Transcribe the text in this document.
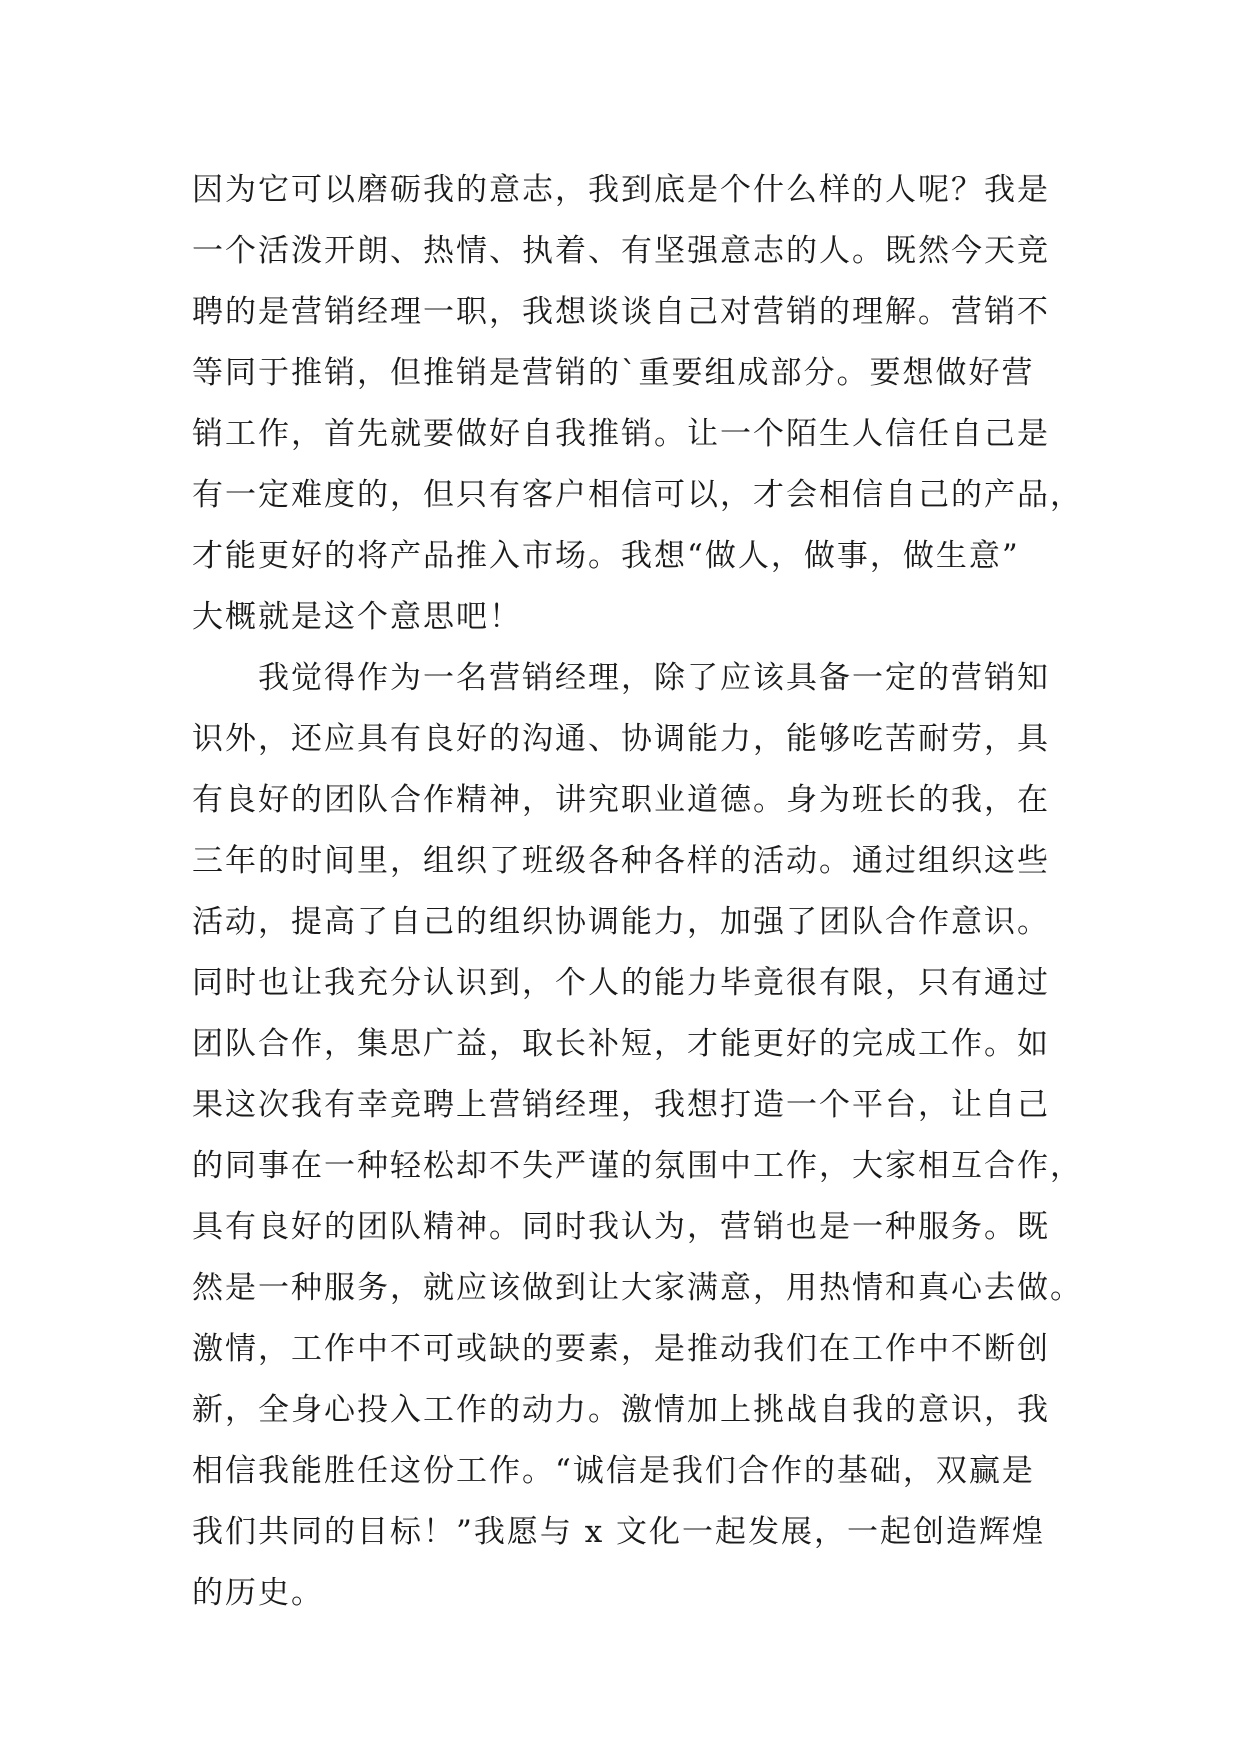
因为它可以磨砺我的意志，我到底是个什么样的人呢？我是
一个活泼开朗、热情、执着、有坚强意志的人。既然今天竞
聘的是营销经理一职，我想谈谈自己对营销的理解。营销不
等同于推销，但推销是营销的`重要组成部分。要想做好营
销工作，首先就要做好自我推销。让一个陌生人信任自己是
有一定难度的，但只有客户相信可以，才会相信自己的产品，
才能更好的将产品推入市场。我想“做人，做事，做生意”
大概就是这个意思吧！
　　我觉得作为一名营销经理，除了应该具备一定的营销知
识外，还应具有良好的沟通、协调能力，能够吃苦耐劳，具
有良好的团队合作精神，讲究职业道德。身为班长的我，在
三年的时间里，组织了班级各种各样的活动。通过组织这些
活动，提高了自己的组织协调能力，加强了团队合作意识。
同时也让我充分认识到，个人的能力毕竟很有限，只有通过
团队合作，集思广益，取长补短，才能更好的完成工作。如
果这次我有幸竞聘上营销经理，我想打造一个平台，让自己
的同事在一种轻松却不失严谨的氛围中工作，大家相互合作，
具有良好的团队精神。同时我认为，营销也是一种服务。既
然是一种服务，就应该做到让大家满意，用热情和真心去做。
激情，工作中不可或缺的要素，是推动我们在工作中不断创
新，全身心投入工作的动力。激情加上挑战自我的意识，我
相信我能胜任这份工作。“诚信是我们合作的基础，双赢是
我们共同的目标！”我愿与 x 文化一起发展，一起创造辉煌
的历史。
